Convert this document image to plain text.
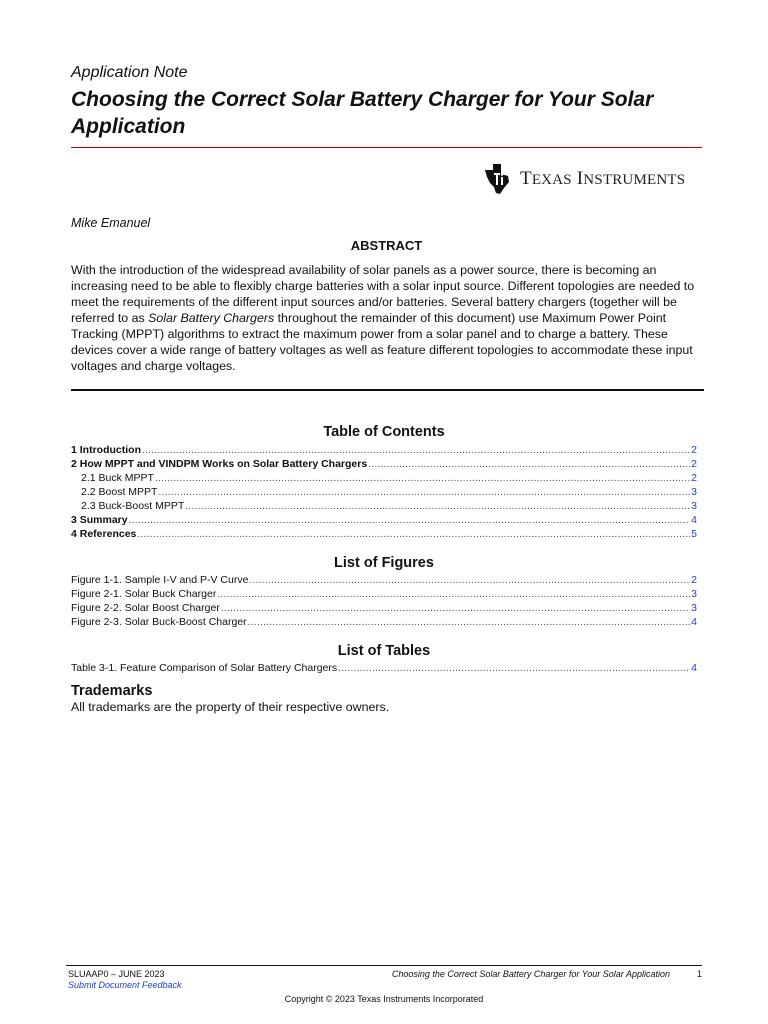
Application Note
Choosing the Correct Solar Battery Charger for Your Solar Application
TEXAS INSTRUMENTS
Mike Emanuel
ABSTRACT
With the introduction of the widespread availability of solar panels as a power source, there is becoming an increasing need to be able to flexibly charge batteries with a solar input source. Different topologies are needed to meet the requirements of the different input sources and/or batteries. Several battery chargers (together will be referred to as Solar Battery Chargers throughout the remainder of this document) use Maximum Power Point Tracking (MPPT) algorithms to extract the maximum power from a solar panel and to charge a battery. These devices cover a wide range of battery voltages as well as feature different topologies to accommodate these input voltages and charge voltages.
Table of Contents
1 Introduction .....	2
2 How MPPT and VINDPM Works on Solar Battery Chargers .....	2
2.1 Buck MPPT .....	2
2.2 Boost MPPT .....	3
2.3 Buck-Boost MPPT .....	3
3 Summary .....	4
4 References .....	5
List of Figures
Figure 1-1. Sample I-V and P-V Curve .....	2
Figure 2-1. Solar Buck Charger .....	3
Figure 2-2. Solar Boost Charger .....	3
Figure 2-3. Solar Buck-Boost Charger .....	4
List of Tables
Table 3-1. Feature Comparison of Solar Battery Chargers .....	4
Trademarks
All trademarks are the property of their respective owners.
SLUAAP0 – JUNE 2023
Submit Document Feedback
Choosing the Correct Solar Battery Charger for Your Solar Application	1
Copyright © 2023 Texas Instruments Incorporated
